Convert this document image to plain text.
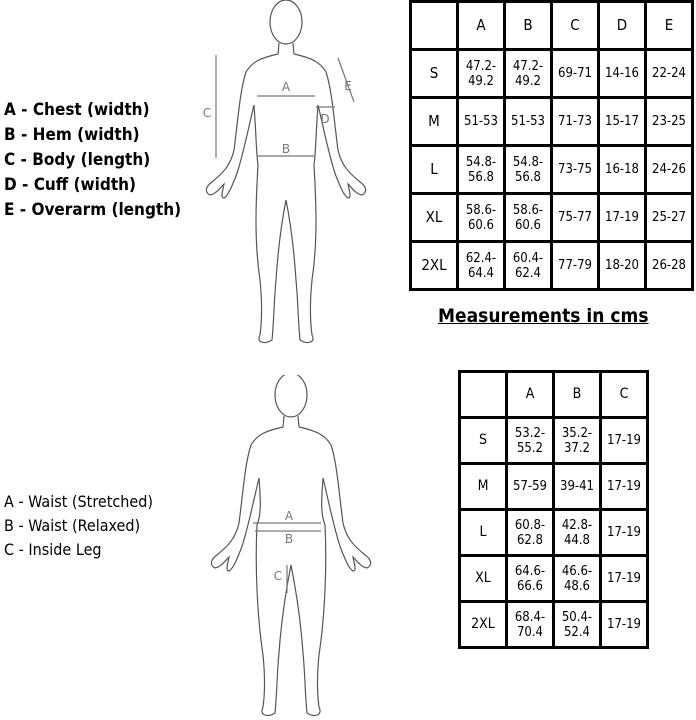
A - Chest (width)
B - Hem (width)
C - Body (length)
D - Cuff (width)
E - Overarm (length)
A
B
C	D
E
	A	B	C	D	E
S	47.2-
49.2	47.2-
49.2	69-71	14-16	22-24
M	51-53	51-53	71-73	15-17	23-25
L	54.8-
56.8	54.8-
56.8	73-75	16-18	24-26
XL	58.6-
60.6	58.6-
60.6	75-77	17-19	25-27
2XL	62.4-
64.4	60.4-
62.4	77-79	18-20	26-28
Measurements in cms
A - Waist (Stretched)
B - Waist (Relaxed)
C - Inside Leg
A
B
C
	A	B	C
S	53.2-
55.2	35.2-
37.2	17-19
M	57-59	39-41	17-19
L	60.8-
62.8	42.8-
44.8	17-19
XL	64.6-
66.6	46.6-
48.6	17-19
2XL	68.4-
70.4	50.4-
52.4	17-19
